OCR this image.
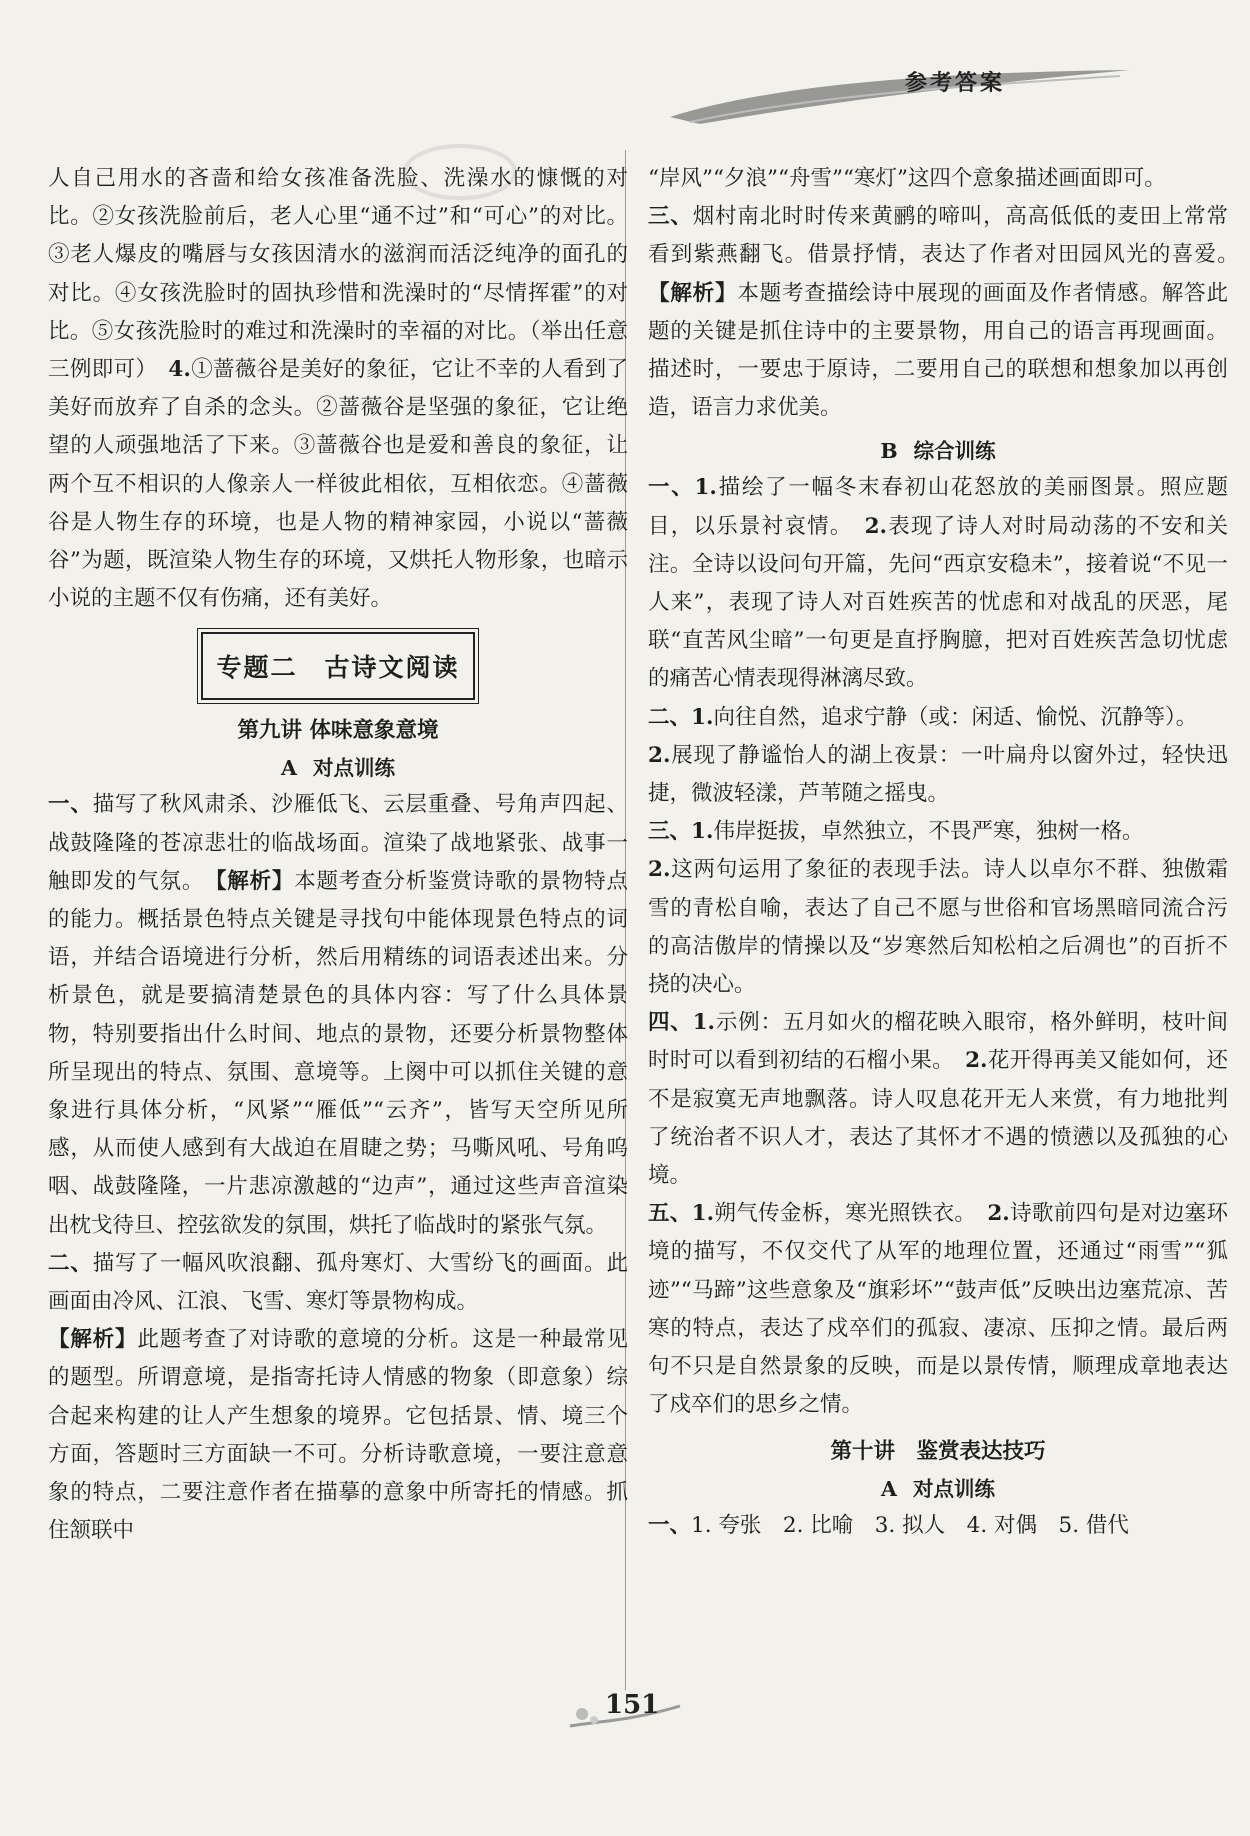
参考答案

人自己用水的吝啬和给女孩准备洗脸、洗澡水的慷慨的对比。②女孩洗脸前后，老人心里“通不过”和“可心”的对比。③老人爆皮的嘴唇与女孩因清水的滋润而活泛纯净的面孔的对比。④女孩洗脸时的固执珍惜和洗澡时的“尽情挥霍”的对比。⑤女孩洗脸时的难过和洗澡时的幸福的对比。（举出任意三例即可）　 4.①蔷薇谷是美好的象征，它让不幸的人看到了美好而放弃了自杀的念头。②蔷薇谷是坚强的象征，它让绝望的人顽强地活了下来。③蔷薇谷也是爱和善良的象征，让两个互不相识的人像亲人一样彼此相依，互相依恋。④蔷薇谷是人物生存的环境，也是人物的精神家园，小说以“蔷薇谷”为题，既渲染人物生存的环境，又烘托人物形象，也暗示小说的主题不仅有伤痛，还有美好。

专题二　古诗文阅读

第九讲 体味意象意境

A 对点训练

一、描写了秋风肃杀、沙雁低飞、云层重叠、号角声四起、战鼓隆隆的苍凉悲壮的临战场面。渲染了战地紧张、战事一触即发的气氛。　 【解析】本题考查分析鉴赏诗歌的景物特点的能力。概括景色特点关键是寻找句中能体现景色特点的词语，并结合语境进行分析，然后用精练的词语表述出来。分析景色，就是要搞清楚景色的具体内容：写了什么具体景物，特别要指出什么时间、地点的景物，还要分析景物整体所呈现出的特点、氛围、意境等。上阕中可以抓住关键的意象进行具体分析，“风紧”“雁低”“云齐”，皆写天空所见所感，从而使人感到有大战迫在眉睫之势；马嘶风吼、号角呜咽、战鼓隆隆，一片悲凉激越的“边声”，通过这些声音渲染出枕戈待旦、控弦欲发的氛围，烘托了临战时的紧张气氛。

二、描写了一幅风吹浪翻、孤舟寒灯、大雪纷飞的画面。此画面由冷风、江浪、飞雪、寒灯等景物构成。

【解析】此题考查了对诗歌的意境的分析。这是一种最常见的题型。所谓意境，是指寄托诗人情感的物象（即意象）综合起来构建的让人产生想象的境界。它包括景、情、境三个方面，答题时三方面缺一不可。分析诗歌意境，一要注意意象的特点，二要注意作者在描摹的意象中所寄托的情感。抓住颔联中

“岸风”“夕浪”“舟雪”“寒灯”这四个意象描述画面即可。

三、烟村南北时时传来黄鹂的啼叫，高高低低的麦田上常常看到紫燕翻飞。借景抒情，表达了作者对田园风光的喜爱。　【解析】本题考查描绘诗中展现的画面及作者情感。解答此题的关键是抓住诗中的主要景物，用自己的语言再现画面。描述时，一要忠于原诗，二要用自己的联想和想象加以再创造，语言力求优美。

B 综合训练

一、1.描绘了一幅冬末春初山花怒放的美丽图景。照应题目，以乐景衬哀情。　 2.表现了诗人对时局动荡的不安和关注。全诗以设问句开篇，先问“西京安稳未”，接着说“不见一人来”，表现了诗人对百姓疾苦的忧虑和对战乱的厌恶，尾联“直苦风尘暗”一句更是直抒胸臆，把对百姓疾苦急切忧虑的痛苦心情表现得淋漓尽致。

二、1.向往自然，追求宁静（或：闲适、愉悦、沉静等）。

2.展现了静谧怡人的湖上夜景：一叶扁舟以窗外过，轻快迅捷，微波轻漾，芦苇随之摇曳。

三、1.伟岸挺拔，卓然独立，不畏严寒，独树一格。

2.这两句运用了象征的表现手法。诗人以卓尔不群、独傲霜雪的青松自喻，表达了自己不愿与世俗和官场黑暗同流合污的高洁傲岸的情操以及“岁寒然后知松柏之后凋也”的百折不挠的决心。

四、1.示例：五月如火的榴花映入眼帘，格外鲜明，枝叶间时时可以看到初结的石榴小果。　 2.花开得再美又能如何，还不是寂寞无声地飘落。诗人叹息花开无人来赏，有力地批判了统治者不识人才，表达了其怀才不遇的愤懑以及孤独的心境。

五、1.朔气传金柝，寒光照铁衣。　 2.诗歌前四句是对边塞环境的描写，不仅交代了从军的地理位置，还通过“雨雪”“狐迹”“马蹄”这些意象及“旗彩坏”“鼓声低”反映出边塞荒凉、苦寒的特点，表达了戍卒们的孤寂、凄凉、压抑之情。最后两句不只是自然景象的反映，而是以景传情，顺理成章地表达了戍卒们的思乡之情。

第十讲　鉴赏表达技巧

A 对点训练

一、1. 夸张　 2. 比喻　 3. 拟人　 4. 对偶　 5. 借代

151
